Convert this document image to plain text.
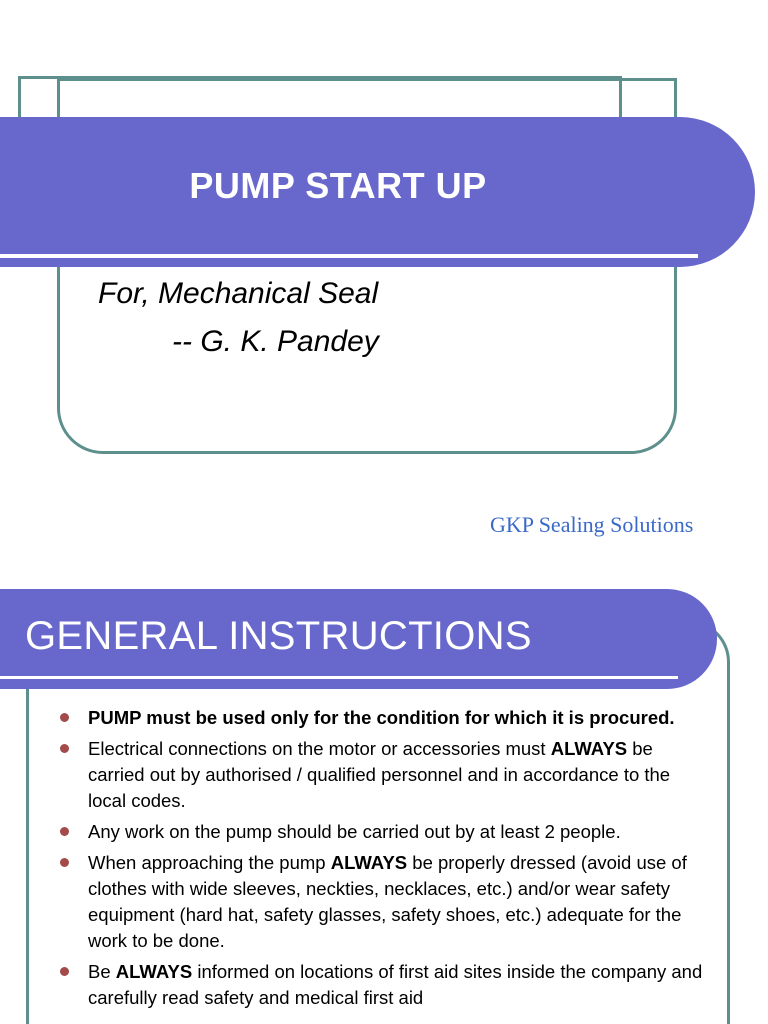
PUMP START UP
For, Mechanical Seal
-- G. K. Pandey
GKP Sealing Solutions
GENERAL INSTRUCTIONS
PUMP must be used only for the condition for which it is procured.
Electrical connections on the motor or accessories must ALWAYS be carried out by authorised / qualified personnel and in accordance to the local codes.
Any work on the pump should be carried out by at least 2 people.
When approaching the pump ALWAYS be properly dressed (avoid use of clothes with wide sleeves, neckties, necklaces, etc.) and/or wear safety equipment (hard hat, safety glasses, safety shoes, etc.) adequate for the work to be done.
Be ALWAYS informed on locations of first aid sites inside the company and carefully read safety and medical first aid
